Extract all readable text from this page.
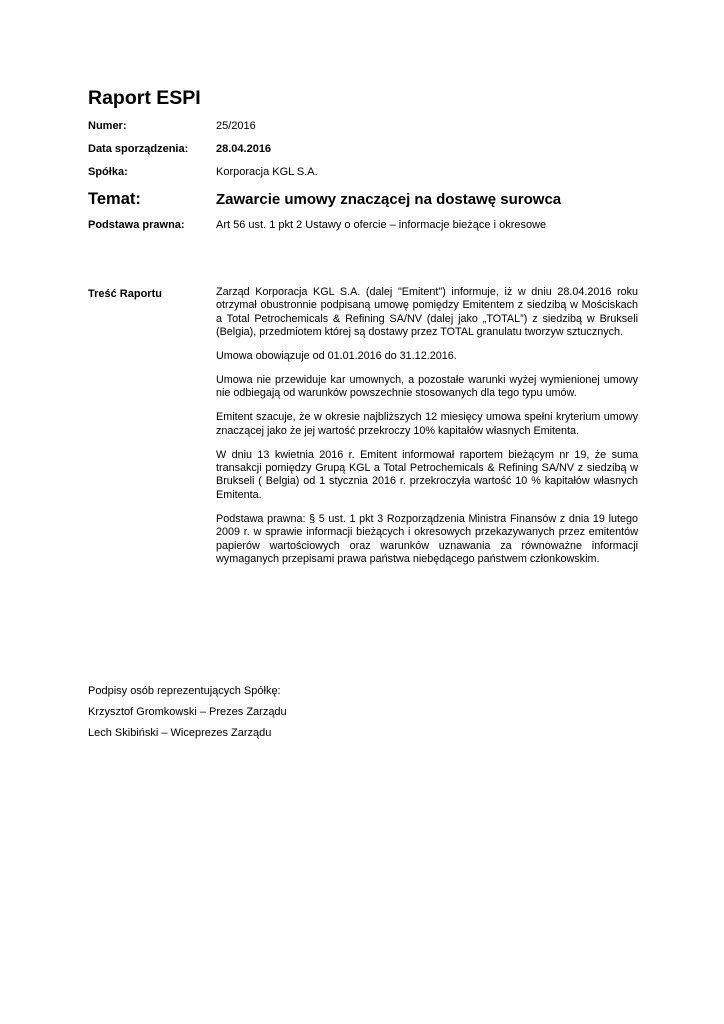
Raport ESPI
Numer:	25/2016
Data sporządzenia:	28.04.2016
Spółka:	Korporacja KGL S.A.
Temat:	Zawarcie umowy znaczącej na dostawę surowca
Podstawa prawna:	Art 56 ust. 1 pkt 2 Ustawy o ofercie – informacje bieżące i okresowe
Treść Raportu	Zarząd Korporacja KGL S.A. (dalej "Emitent") informuje, iż w dniu 28.04.2016 roku otrzymał obustronnie podpisaną umowę pomiędzy Emitentem z siedzibą w Mościskach a Total Petrochemicals & Refining SA/NV (dalej jako „TOTAL”) z siedzibą w Brukseli (Belgia), przedmiotem której są dostawy przez TOTAL granulatu tworzyw sztucznych.

Umowa obowiązuje od 01.01.2016 do 31.12.2016.

Umowa nie przewiduje kar umownych, a pozostałe warunki wyżej wymienionej umowy nie odbiegają od warunków powszechnie stosowanych dla tego typu umów.

Emitent szacuje, że w okresie najbliższych 12 miesięcy umowa spełni kryterium umowy znaczącej jako że jej wartość przekroczy 10% kapitałów własnych Emitenta.

W dniu 13 kwietnia 2016 r. Emitent informował raportem bieżącym nr 19, że suma transakcji pomiędzy Grupą KGL a Total Petrochemicals & Refining SA/NV z siedzibą w Brukseli ( Belgia) od 1 stycznia 2016 r. przekroczyła wartość 10 % kapitałów własnych Emitenta.

Podstawa prawna: § 5 ust. 1 pkt 3 Rozporządzenia Ministra Finansów z dnia 19 lutego 2009 r. w sprawie informacji bieżących i okresowych przekazywanych przez emitentów papierów wartościowych oraz warunków uznawania za równoważne informacji wymaganych przepisami prawa państwa niebędącego państwem członkowskim.

Podpisy osób reprezentujących Spółkę:
Krzysztof Gromkowski – Prezes Zarządu
Lech Skibiński – Wiceprezes Zarządu
